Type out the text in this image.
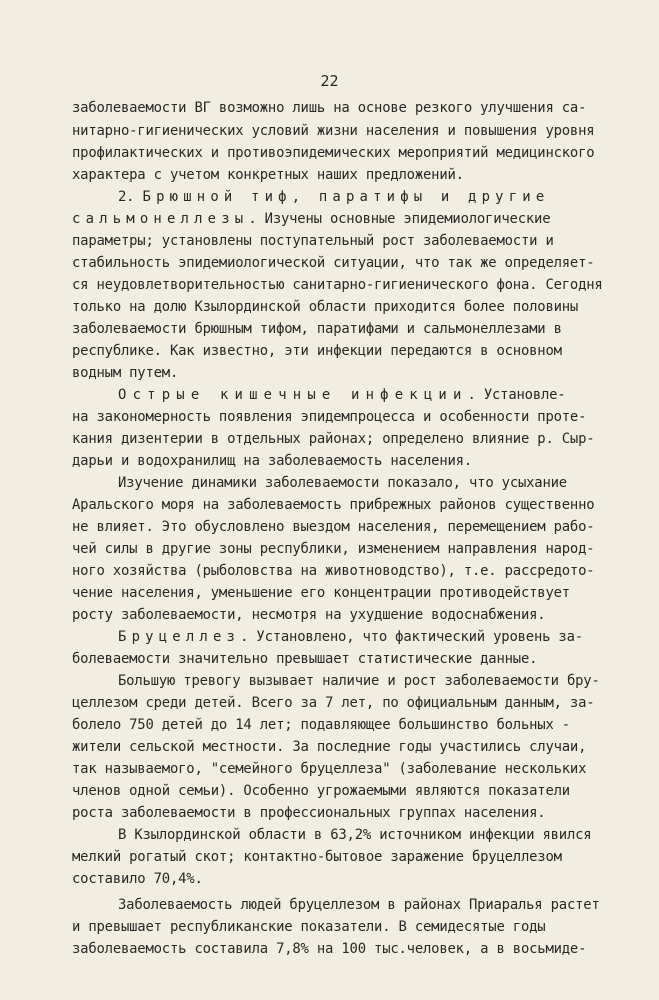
22
заболеваемости ВГ возможно лишь на основе резкого улучшения са-
нитарно-гигиенических условий жизни населения и повышения уровня
профилактических и противоэпидемических мероприятий медицинского
характера с учетом конкретных наших предложений.
2. Брюшной тиф, паратифы и другие
сальмонеллезы. Изучены основные эпидемиологические
параметры; установлены поступательный рост заболеваемости и
стабильность эпидемиологической ситуации, что так же определяет-
ся неудовлетворительностью санитарно-гигиенического фона. Сегодня
только на долю Кзылординской области приходится более половины
заболеваемости брюшным тифом, паратифами и сальмонеллезами в
республике. Как известно, эти инфекции передаются в основном
водным путем.
Острые кишечные инфекции. Установле-
на закономерность появления эпидемпроцесса и особенности проте-
кания дизентерии в отдельных районах; определено влияние р. Сыр-
дарьи и водохранилищ на заболеваемость населения.
Изучение динамики заболеваемости показало, что усыхание
Аральского моря на заболеваемость прибрежных районов существенно
не влияет. Это обусловлено выездом населения, перемещением рабо-
чей силы в другие зоны республики, изменением направления народ-
ного хозяйства (рыболовства на животноводство), т.е. рассредото-
чение населения, уменьшение его концентрации противодействует
росту заболеваемости, несмотря на ухудшение водоснабжения.
Бруцеллез. Установлено, что фактический уровень за-
болеваемости значительно превышает статистические данные.
Большую тревогу вызывает наличие и рост заболеваемости бру-
целлезом среди детей. Всего за 7 лет, по официальным данным, за-
болело 750 детей до 14 лет; подавляющее большинство больных -
жители сельской местности. За последние годы участились случаи,
так называемого, "семейного бруцеллеза" (заболевание нескольких
членов одной семьи). Особенно угрожаемыми являются показатели
роста заболеваемости в профессиональных группах населения.
В Кзылординской области в 63,2% источником инфекции явился
мелкий рогатый скот; контактно-бытовое заражение бруцеллезом
составило 70,4%.
Заболеваемость людей бруцеллезом в районах Приаралья растет
и превышает республиканские показатели. В семидесятые годы
заболеваемость составила 7,8% на 100 тыс.человек, а в восьмиде-
